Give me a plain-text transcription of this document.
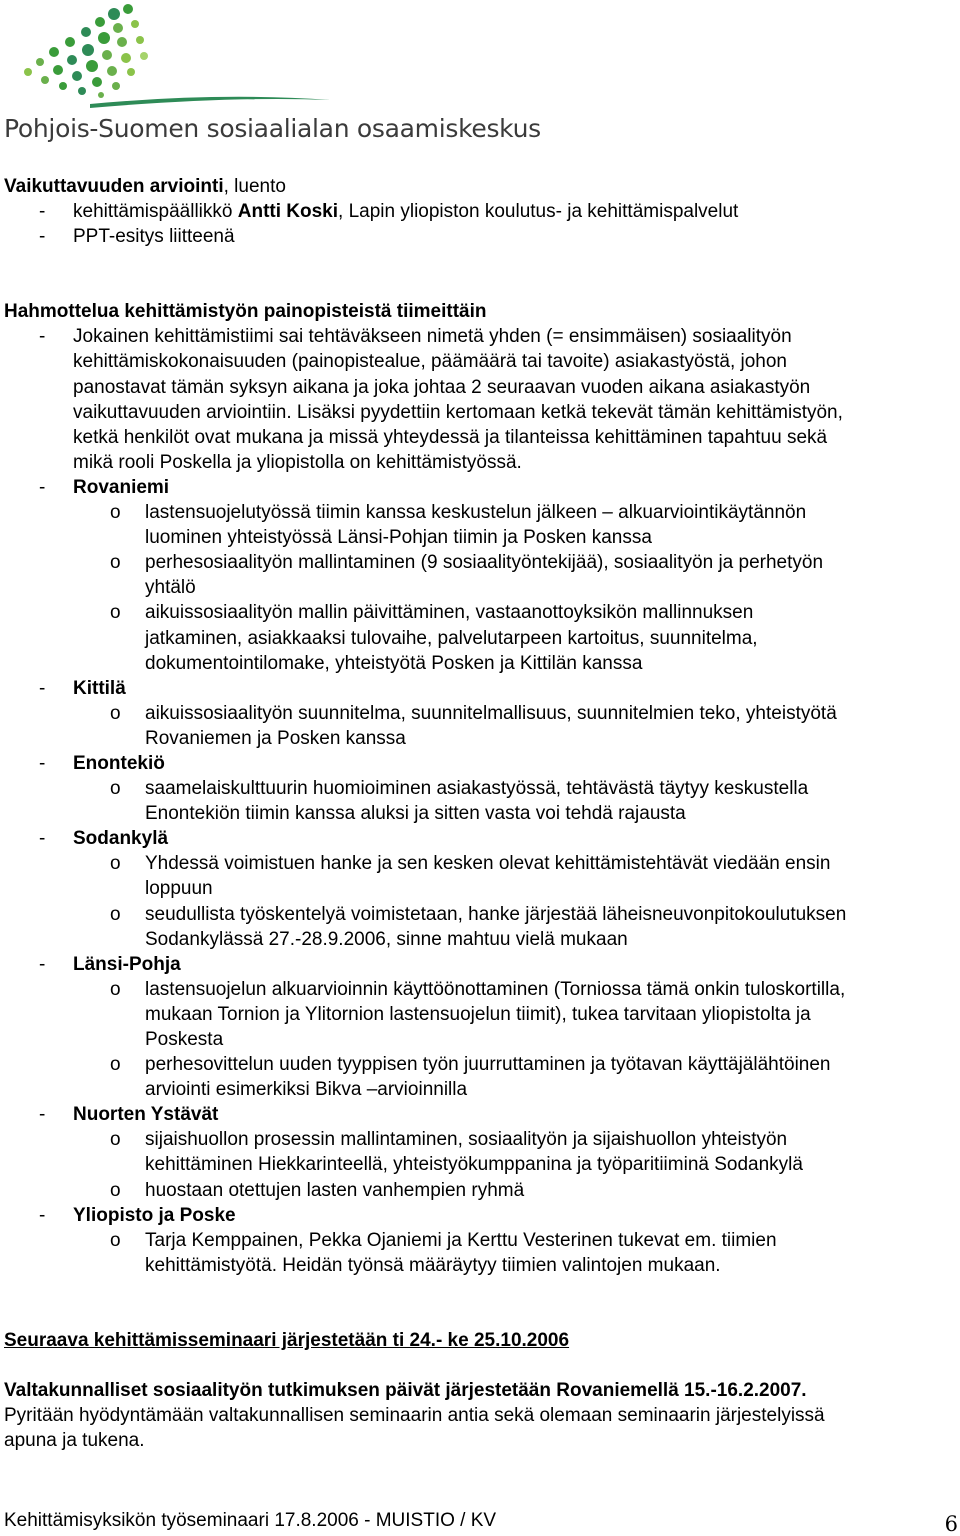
Pohjois-Suomen sosiaalialan osaamiskeskus
Vaikuttavuuden arviointi, luento
- kehittämispäällikkö Antti Koski, Lapin yliopiston koulutus- ja kehittämispalvelut
- PPT-esitys liitteenä
Hahmottelua kehittämistyön painopisteistä tiimeittäin
- Jokainen kehittämistiimi sai tehtäväkseen nimetä yhden (= ensimmäisen) sosiaalityön
kehittämiskokonaisuuden (painopistealue, päämäärä tai tavoite) asiakastyöstä, johon
panostavat tämän syksyn aikana ja joka johtaa 2 seuraavan vuoden aikana asiakastyön
vaikuttavuuden arviointiin. Lisäksi pyydettiin kertomaan ketkä tekevät tämän kehittämistyön,
ketkä henkilöt ovat mukana ja missä yhteydessä ja tilanteissa kehittäminen tapahtuu sekä
mikä rooli Poskella ja yliopistolla on kehittämistyössä.
- Rovaniemi
o lastensuojelutyössä tiimin kanssa keskustelun jälkeen – alkuarviointikäytännön
luominen yhteistyössä Länsi-Pohjan tiimin ja Posken kanssa
o perhesosiaalityön mallintaminen (9 sosiaalityöntekijää), sosiaalityön ja perhetyön
yhtälö
o aikuissosiaalityön mallin päivittäminen, vastaanottoyksikön mallinnuksen
jatkaminen, asiakkaaksi tulovaihe, palvelutarpeen kartoitus, suunnitelma,
dokumentointilomake, yhteistyötä Posken ja Kittilän kanssa
- Kittilä
o aikuissosiaalityön suunnitelma, suunnitelmallisuus, suunnitelmien teko, yhteistyötä
Rovaniemen ja Posken kanssa
- Enontekiö
o saamelaiskulttuurin huomioiminen asiakastyössä, tehtävästä täytyy keskustella
Enontekiön tiimin kanssa aluksi ja sitten vasta voi tehdä rajausta
- Sodankylä
o Yhdessä voimistuen hanke ja sen kesken olevat kehittämistehtävät viedään ensin
loppuun
o seudullista työskentelyä voimistetaan, hanke järjestää läheisneuvonpitokoulutuksen
Sodankylässä 27.-28.9.2006, sinne mahtuu vielä mukaan
- Länsi-Pohja
o lastensuojelun alkuarvioinnin käyttöönottaminen (Torniossa tämä onkin tuloskortilla,
mukaan Tornion ja Ylitornion lastensuojelun tiimit), tukea tarvitaan yliopistolta ja
Poskesta
o perhesovittelun uuden tyyppisen työn juurruttaminen ja työtavan käyttäjälähtöinen
arviointi esimerkiksi Bikva –arvioinnilla
- Nuorten Ystävät
o sijaishuollon prosessin mallintaminen, sosiaalityön ja sijaishuollon yhteistyön
kehittäminen Hiekkarinteellä, yhteistyökumppanina ja työparitiiminä Sodankylä
o huostaan otettujen lasten vanhempien ryhmä
- Yliopisto ja Poske
o Tarja Kemppainen, Pekka Ojaniemi ja Kerttu Vesterinen tukevat em. tiimien
kehittämistyötä. Heidän työnsä määräytyy tiimien valintojen mukaan.
Seuraava kehittämisseminaari järjestetään ti 24.- ke 25.10.2006
Valtakunnalliset sosiaalityön tutkimuksen päivät järjestetään Rovaniemellä 15.-16.2.2007.
Pyritään hyödyntämään valtakunnallisen seminaarin antia sekä olemaan seminaarin järjestelyissä
apuna ja tukena.
Kehittämisyksikön työseminaari 17.8.2006 - MUISTIO / KV	6
